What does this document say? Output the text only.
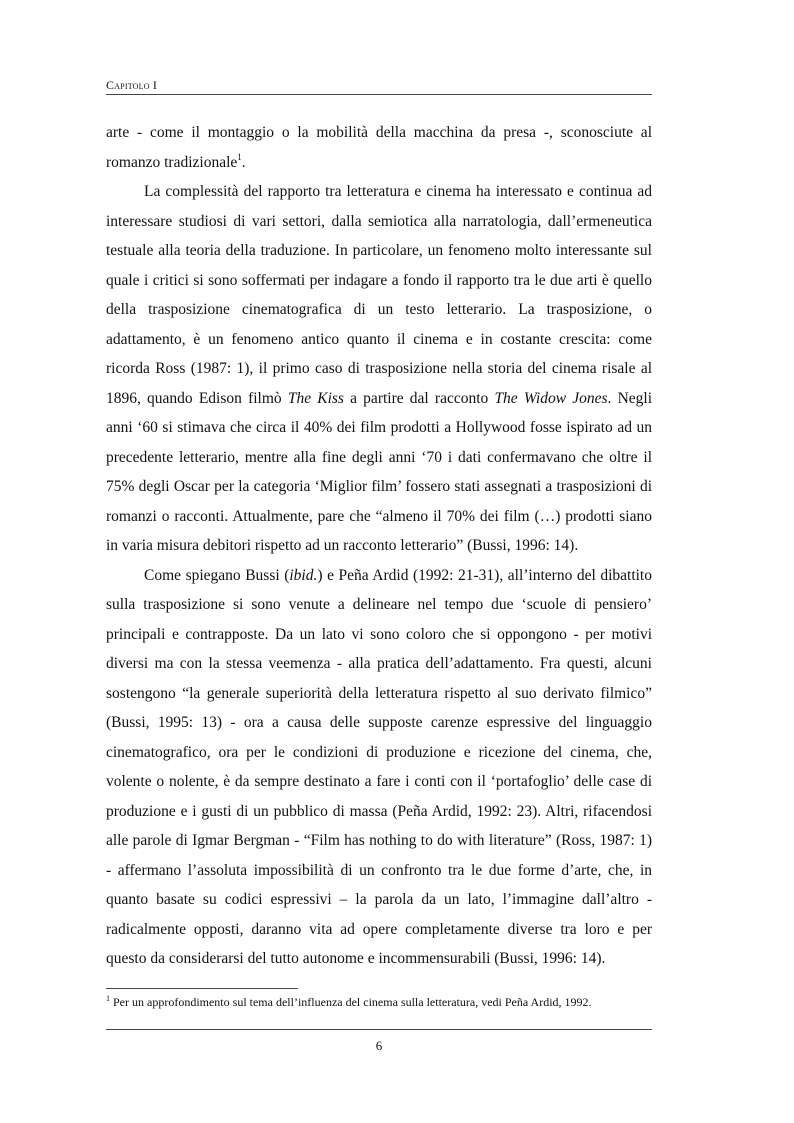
Capitolo I

arte - come il montaggio o la mobilità della macchina da presa -, sconosciute al romanzo tradizionale$^1$.

La complessità del rapporto tra letteratura e cinema ha interessato e continua ad interessare studiosi di vari settori, dalla semiotica alla narratologia, dall’ermeneutica testuale alla teoria della traduzione. In particolare, un fenomeno molto interessante sul quale i critici si sono soffermati per indagare a fondo il rapporto tra le due arti è quello della trasposizione cinematografica di un testo letterario. La trasposizione, o adattamento, è un fenomeno antico quanto il cinema e in costante crescita: come ricorda Ross (1987: 1), il primo caso di trasposizione nella storia del cinema risale al 1896, quando Edison filmò The Kiss a partire dal racconto The Widow Jones. Negli anni ‘60 si stimava che circa il 40% dei film prodotti a Hollywood fosse ispirato ad un precedente letterario, mentre alla fine degli anni ‘70 i dati confermavano che oltre il 75% degli Oscar per la categoria ‘Miglior film’ fossero stati assegnati a trasposizioni di romanzi o racconti. Attualmente, pare che “almeno il 70% dei film (…) prodotti siano in varia misura debitori rispetto ad un racconto letterario” (Bussi, 1996: 14).

Come spiegano Bussi (ibid.) e Peña Ardid (1992: 21-31), all’interno del dibattito sulla trasposizione si sono venute a delineare nel tempo due ‘scuole di pensiero’ principali e contrapposte. Da un lato vi sono coloro che si oppongono - per motivi diversi ma con la stessa veemenza - alla pratica dell’adattamento. Fra questi, alcuni sostengono “la generale superiorità della letteratura rispetto al suo derivato filmico” (Bussi, 1995: 13) - ora a causa delle supposte carenze espressive del linguaggio cinematografico, ora per le condizioni di produzione e ricezione del cinema, che, volente o nolente, è da sempre destinato a fare i conti con il ‘portafoglio’ delle case di produzione e i gusti di un pubblico di massa (Peña Ardid, 1992: 23). Altri, rifacendosi alle parole di Igmar Bergman - “Film has nothing to do with literature” (Ross, 1987: 1) - affermano l’assoluta impossibilità di un confronto tra le due forme d’arte, che, in quanto basate su codici espressivi – la parola da un lato, l’immagine dall’altro - radicalmente opposti, daranno vita ad opere completamente diverse tra loro e per questo da considerarsi del tutto autonome e incommensurabili (Bussi, 1996: 14).

$^1$ Per un approfondimento sul tema dell’influenza del cinema sulla letteratura, vedi Peña Ardid, 1992.
6
